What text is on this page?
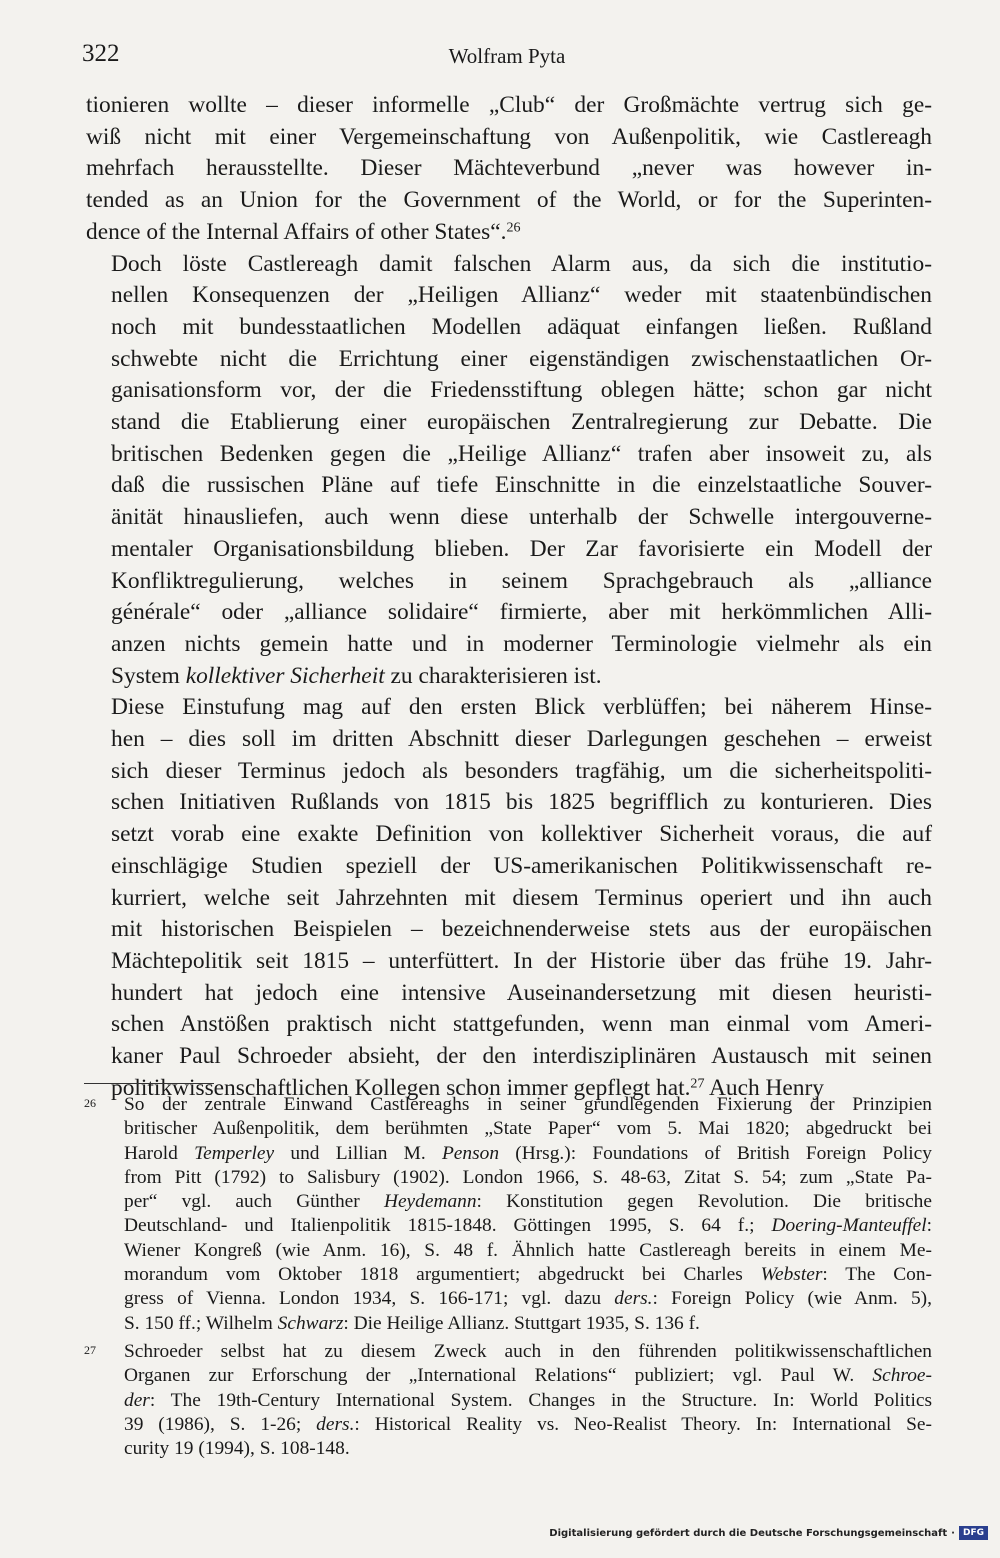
322	Wolfram Pyta

tionieren wollte – dieser informelle „Club“ der Großmächte vertrug sich ge-
wiß nicht mit einer Vergemeinschaftung von Außenpolitik, wie Castlereagh
mehrfach herausstellte. Dieser Mächteverbund „never was however in-
tended as an Union for the Government of the World, or for the Superinten-
dence of the Internal Affairs of other States“.$^{26}$

Doch löste Castlereagh damit falschen Alarm aus, da sich die institutio-
nellen Konsequenzen der „Heiligen Allianz“ weder mit staatenbündischen
noch mit bundesstaatlichen Modellen adäquat einfangen ließen. Rußland
schwebte nicht die Errichtung einer eigenständigen zwischenstaatlichen Or-
ganisationsform vor, der die Friedensstiftung oblegen hätte; schon gar nicht
stand die Etablierung einer europäischen Zentralregierung zur Debatte. Die
britischen Bedenken gegen die „Heilige Allianz“ trafen aber insoweit zu, als
daß die russischen Pläne auf tiefe Einschnitte in die einzelstaatliche Souver-
änität hinausliefen, auch wenn diese unterhalb der Schwelle intergouverne-
mentaler Organisationsbildung blieben. Der Zar favorisierte ein Modell der
Konfliktregulierung, welches in seinem Sprachgebrauch als „alliance
générale“ oder „alliance solidaire“ firmierte, aber mit herkömmlichen Alli-
anzen nichts gemein hatte und in moderner Terminologie vielmehr als ein
System kollektiver Sicherheit zu charakterisieren ist.

Diese Einstufung mag auf den ersten Blick verblüffen; bei näherem Hinse-
hen – dies soll im dritten Abschnitt dieser Darlegungen geschehen – erweist
sich dieser Terminus jedoch als besonders tragfähig, um die sicherheitspoliti-
schen Initiativen Rußlands von 1815 bis 1825 begrifflich zu konturieren. Dies
setzt vorab eine exakte Definition von kollektiver Sicherheit voraus, die auf
einschlägige Studien speziell der US-amerikanischen Politikwissenschaft re-
kurriert, welche seit Jahrzehnten mit diesem Terminus operiert und ihn auch
mit historischen Beispielen – bezeichnenderweise stets aus der europäischen
Mächtepolitik seit 1815 – unterfüttert. In der Historie über das frühe 19. Jahr-
hundert hat jedoch eine intensive Auseinandersetzung mit diesen heuristi-
schen Anstößen praktisch nicht stattgefunden, wenn man einmal vom Ameri-
kaner Paul Schroeder absieht, der den interdisziplinären Austausch mit seinen
politikwissenschaftlichen Kollegen schon immer gepflegt hat.$^{27}$ Auch Henry

26	So der zentrale Einwand Castlereaghs in seiner grundlegenden Fixierung der Prinzipien
britischer Außenpolitik, dem berühmten „State Paper“ vom 5. Mai 1820; abgedruckt bei
Harold Temperley und Lillian M. Penson (Hrsg.): Foundations of British Foreign Policy
from Pitt (1792) to Salisbury (1902). London 1966, S. 48-63, Zitat S. 54; zum „State Pa-
per“ vgl. auch Günther Heydemann: Konstitution gegen Revolution. Die britische
Deutschland- und Italienpolitik 1815-1848. Göttingen 1995, S. 64 f.; Doering-Manteuffel:
Wiener Kongreß (wie Anm. 16), S. 48 f. Ähnlich hatte Castlereagh bereits in einem Me-
morandum vom Oktober 1818 argumentiert; abgedruckt bei Charles Webster: The Con-
gress of Vienna. London 1934, S. 166-171; vgl. dazu ders.: Foreign Policy (wie Anm. 5),
S. 150 ff.; Wilhelm Schwarz: Die Heilige Allianz. Stuttgart 1935, S. 136 f.
27	Schroeder selbst hat zu diesem Zweck auch in den führenden politikwissenschaftlichen
Organen zur Erforschung der „International Relations“ publiziert; vgl. Paul W. Schroe-
der: The 19th-Century International System. Changes in the Structure. In: World Politics
39 (1986), S. 1-26; ders.: Historical Reality vs. Neo-Realist Theory. In: International Se-
curity 19 (1994), S. 108-148.
Digitalisierung gefördert durch die Deutsche Forschungsgemeinschaft · DFG
